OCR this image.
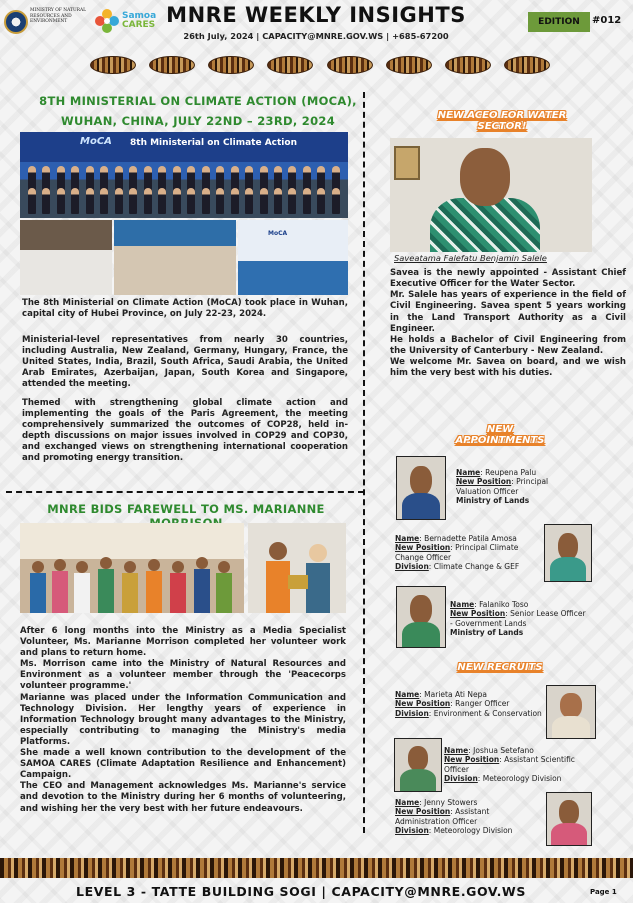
MINISTRY OF NATURAL RESOURCES AND ENVIRONMENT
Samoa
CARES MNRE WEEKLY INSIGHTS
26th July, 2024 | CAPACITY@MNRE.GOV.WS | +685-67200
EDITION	#012
8TH MINISTERIAL ON CLIMATE ACTION (MOCA),
WUHAN, CHINA, JULY 22ND – 23RD, 2024
MoCA 8th Ministerial on Climate Action
MoCA
The 8th Ministerial on Climate Action (MoCA) took place in Wuhan, capital city of Hubei Province, on July 22-23, 2024.
Ministerial-level representatives from nearly 30 countries, including Australia, New Zealand, Germany, Hungary, France, the United States, India, Brazil, South Africa, Saudi Arabia, the United Arab Emirates, Azerbaijan, Japan, South Korea and Singapore, attended the meeting.
Themed with strengthening global climate action and implementing the goals of the Paris Agreement, the meeting comprehensively summarized the outcomes of COP28, held in-depth discussions on major issues involved in COP29 and COP30, and exchanged views on strengthening international cooperation and promoting energy transition.
MNRE BIDS FAREWELL TO MS. MARIANNE
After 6 long months into the Ministry as a Media Specialist Volunteer, Ms. Marianne Morrison completed her volunteer work and plans to return home.
Ms. Morrison came into the Ministry of Natural Resources and Environment as a volunteer member through the 'Peacecorps volunteer programme.'
Marianne was placed under the Information Communication and Technology Division. Her lengthy years of experience in Information Technology brought many advantages to the Ministry, especially contributing to managing the Ministry's media Platforms.
She made a well known contribution to the development of the SAMOA CARES (Climate Adaptation Resilience and Enhancement) Campaign.
The CEO and Management acknowledges Ms. Marianne's service and devotion to the Ministry during her 6 months of volunteering, and wishing her the very best with her future endeavours.
NEW ACEO FOR WATER
SECTOR!
Saveatama Falefatu Benjamin Salele
Savea is the newly appointed - Assistant Chief Executive Officer for the Water Sector.
Mr. Salele has years of experience in the field of Civil Engineering. Savea spent 5 years working in the Land Transport Authority as a Civil Engineer.
He holds a Bachelor of Civil Engineering from the University of Canterbury - New Zealand.
We welcome Mr. Savea on board, and we wish him the very best with his duties.
NEW
APPOINTMENTS
Name: Reupena Palu
New Position: Principal Valuation Officer
Ministry of Lands
Name: Bernadette Patila Amosa
New Position: Principal Climate Change Officer
Division: Climate Change & GEF
Name: Falaniko Toso
New Position: Senior Lease Officer - Government Lands
Ministry of Lands
NEW RECRUITS
Name: Marieta Ati Nepa
New Position: Ranger Officer
Division: Environment & Conservation
Name: Joshua Setefano
New Position: Assistant Scientific Officer
Division: Meteorology Division
Name: Jenny Stowers
New Position: Assistant Administration Officer
Division: Meteorology Division
LEVEL 3 - TATTE BUILDING SOGI | CAPACITY@MNRE.GOV.WS	Page 1
